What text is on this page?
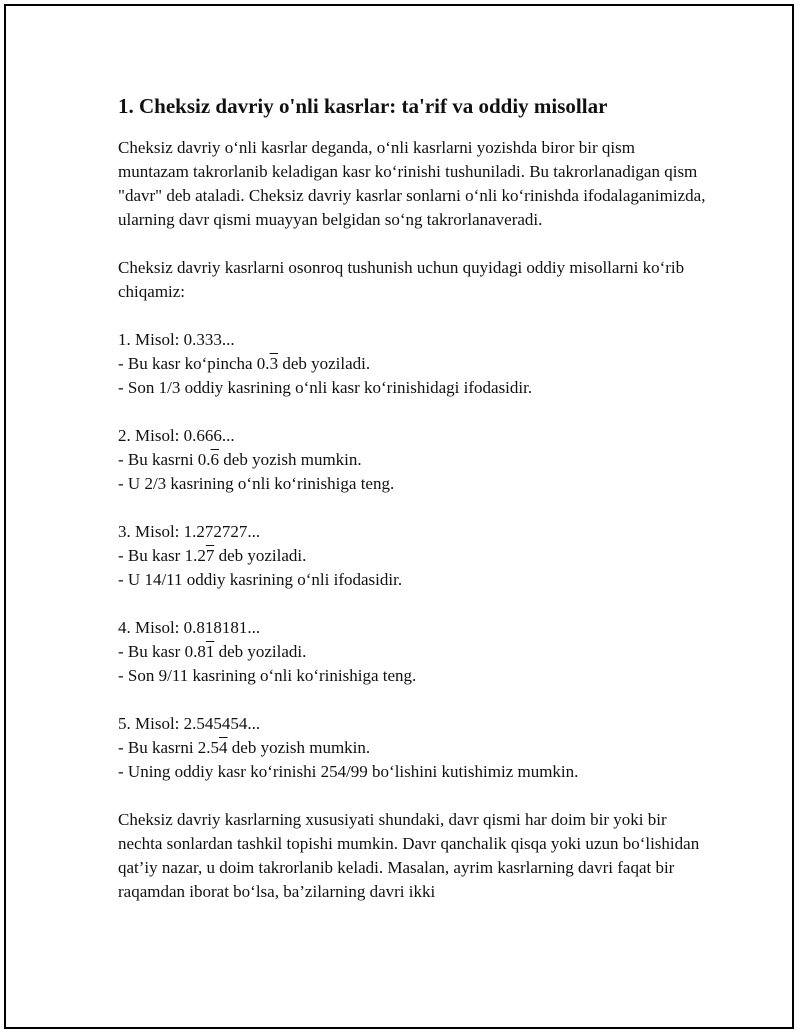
1. Cheksiz davriy o'nli kasrlar: ta'rif va oddiy misollar

Cheksiz davriy o‘nli kasrlar deganda, o‘nli kasrlarni yozishda biror bir qism muntazam takrorlanib keladigan kasr ko‘rinishi tushuniladi. Bu takrorlanadigan qism "davr" deb ataladi. Cheksiz davriy kasrlar sonlarni o‘nli ko‘rinishda ifodalaganimizda, ularning davr qismi muayyan belgidan so‘ng takrorlanaveradi.

Cheksiz davriy kasrlarni osonroq tushunish uchun quyidagi oddiy misollarni ko‘rib chiqamiz:

1. Misol: 0.333...

- Bu kasr ko‘pincha 0.3 deb yoziladi.

- Son 1/3 oddiy kasrining o‘nli kasr ko‘rinishidagi ifodasidir.

2. Misol: 0.666...

- Bu kasrni 0.6 deb yozish mumkin.

- U 2/3 kasrining o‘nli ko‘rinishiga teng.

3. Misol: 1.272727...

- Bu kasr 1.27 deb yoziladi.

- U 14/11 oddiy kasrining o‘nli ifodasidir.

4. Misol: 0.818181...

- Bu kasr 0.81 deb yoziladi.

- Son 9/11 kasrining o‘nli ko‘rinishiga teng.

5. Misol: 2.545454...

- Bu kasrni 2.54 deb yozish mumkin.

- Uning oddiy kasr ko‘rinishi 254/99 bo‘lishini kutishimiz mumkin.

Cheksiz davriy kasrlarning xususiyati shundaki, davr qismi har doim bir yoki bir nechta sonlardan tashkil topishi mumkin. Davr qanchalik qisqa yoki uzun bo‘lishidan qat’iy nazar, u doim takrorlanib keladi. Masalan, ayrim kasrlarning davri faqat bir raqamdan iborat bo‘lsa, ba’zilarning davri ikki
